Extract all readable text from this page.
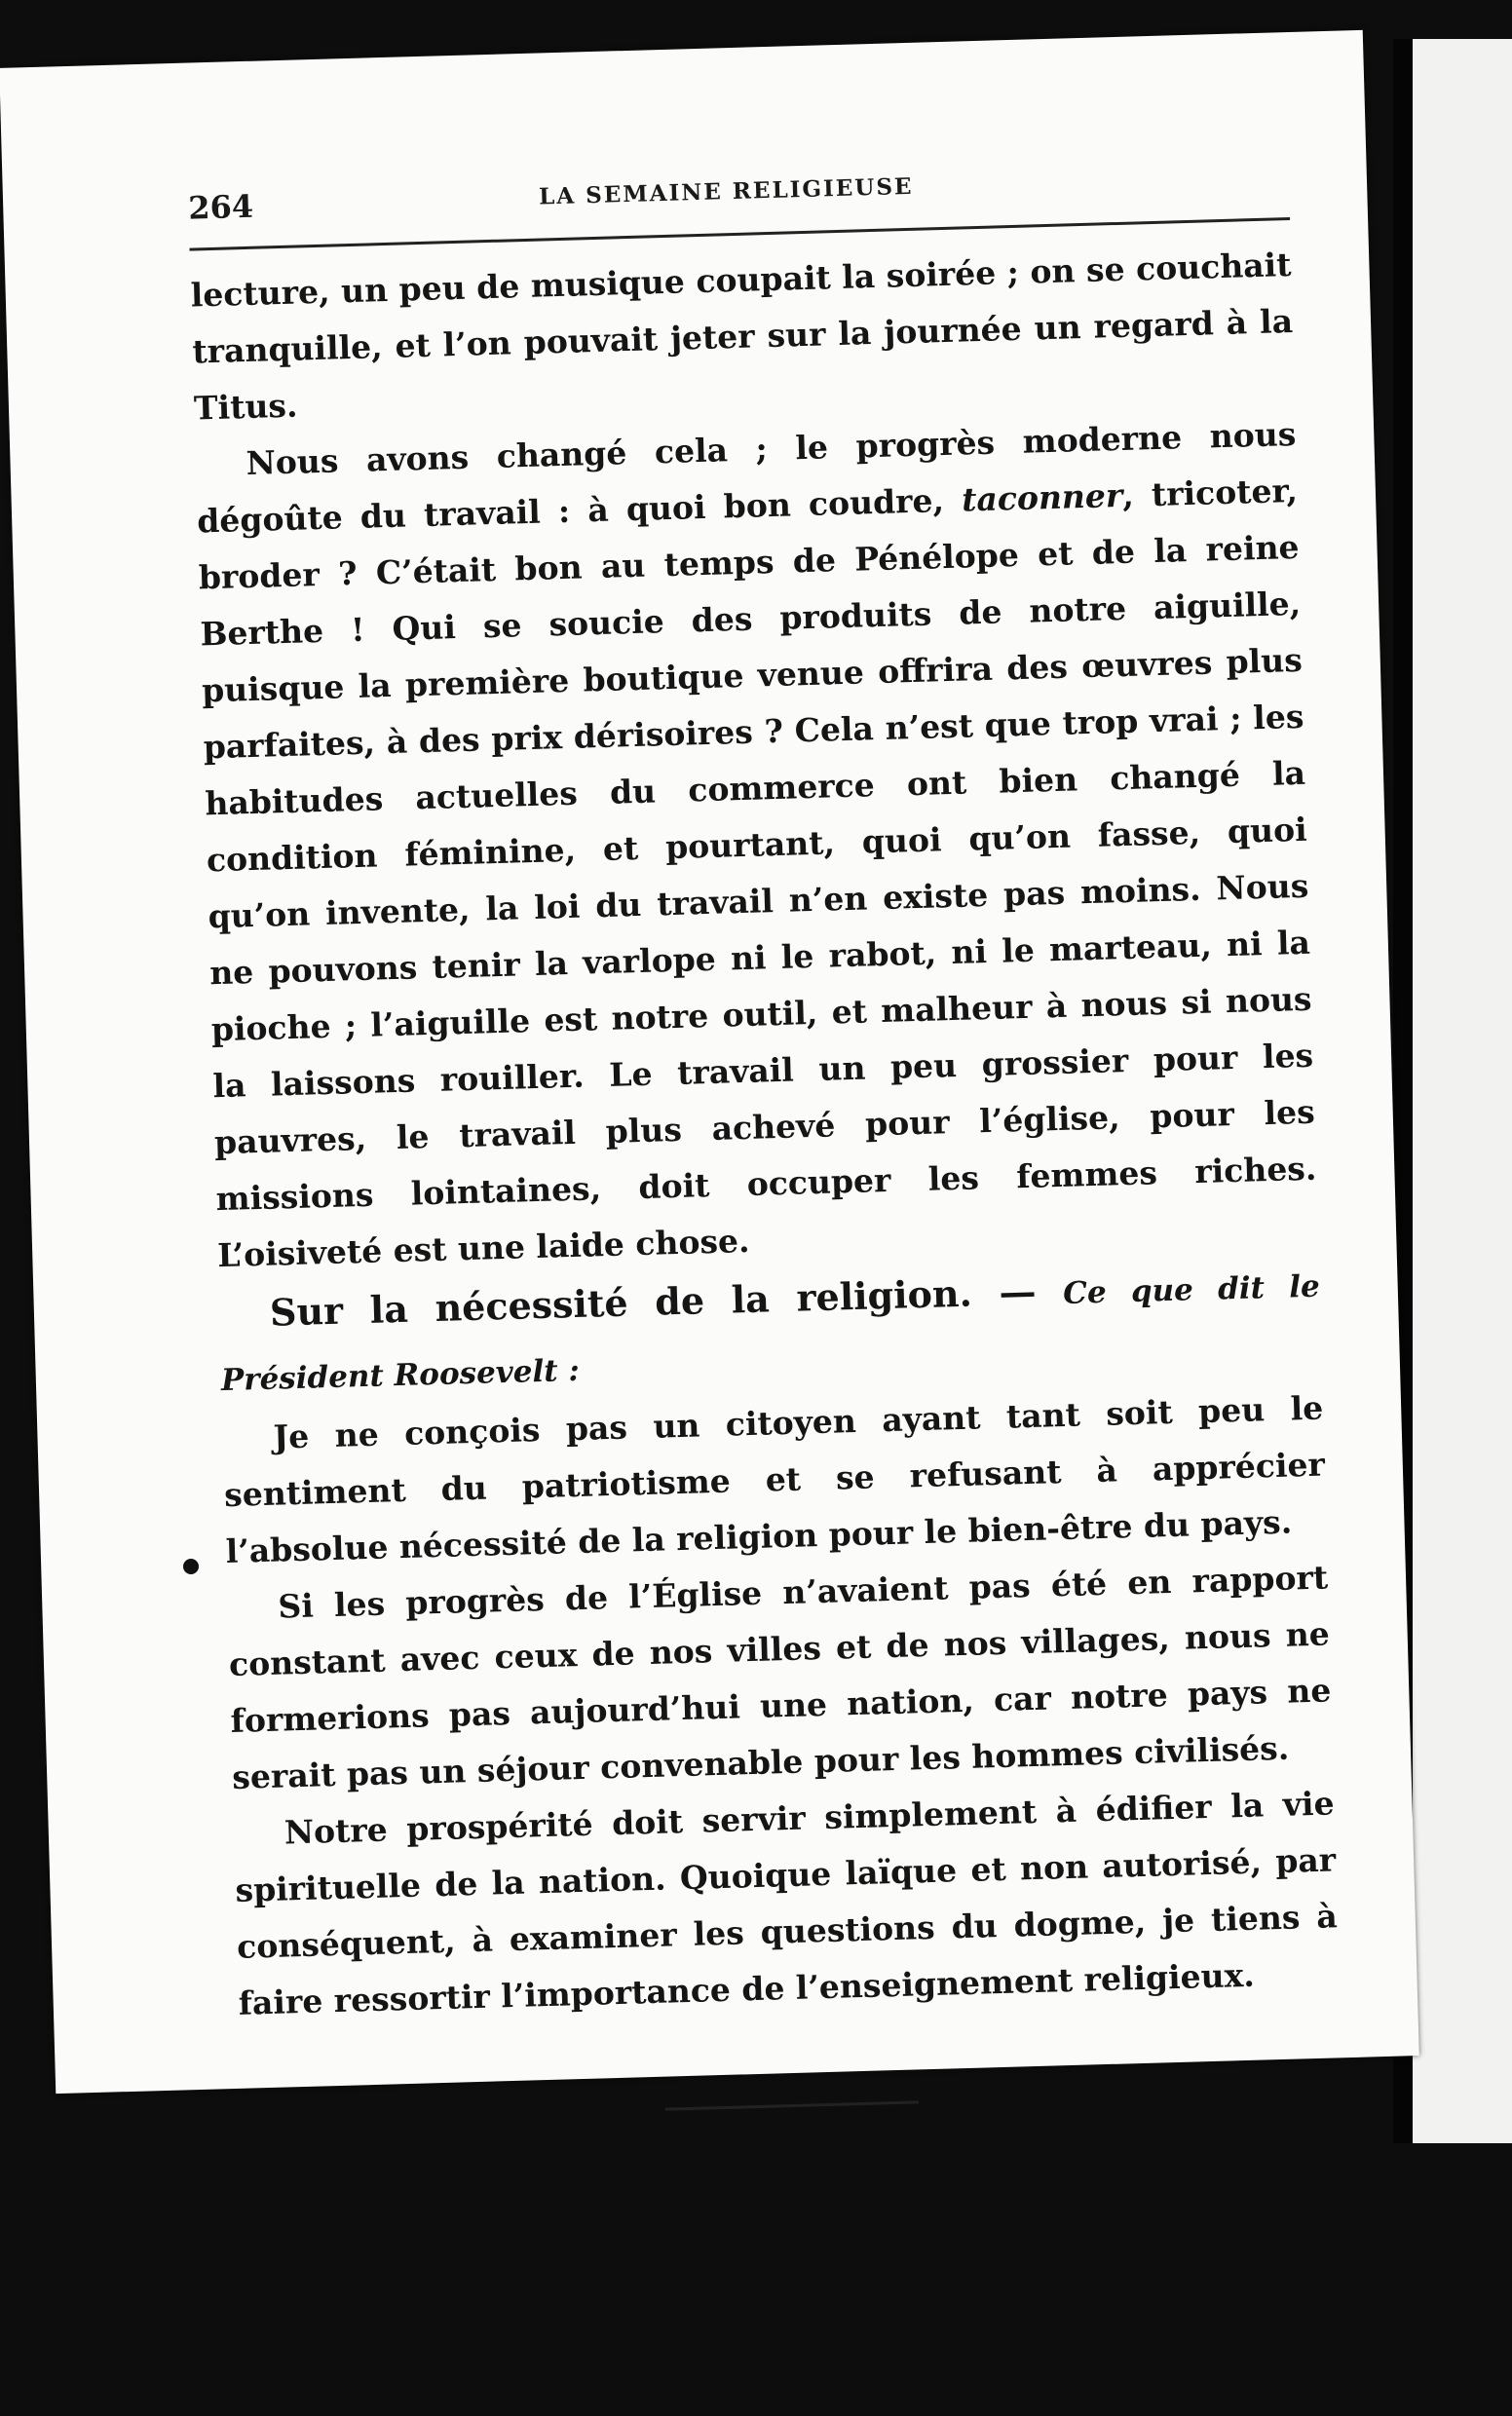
264	LA SEMAINE RELIGIEUSE

lecture, un peu de musique coupait la soirée ; on se couchait tranquille, et l’on pouvait jeter sur la journée un regard à la Titus.

Nous avons changé cela ; le progrès moderne nous dégoûte du travail : à quoi bon coudre, taconner, tricoter, broder ? C’était bon au temps de Pénélope et de la reine Berthe ! Qui se soucie des produits de notre aiguille, puisque la première boutique venue offrira des œuvres plus parfaites, à des prix dérisoires ? Cela n’est que trop vrai ; les habitudes actuelles du commerce ont bien changé la condition féminine, et pourtant, quoi qu’on fasse, quoi qu’on invente, la loi du travail n’en existe pas moins. Nous ne pouvons tenir la varlope ni le rabot, ni le marteau, ni la pioche ; l’aiguille est notre outil, et malheur à nous si nous la laissons rouiller. Le travail un peu grossier pour les pauvres, le travail plus achevé pour l’église, pour les missions lointaines, doit occuper les femmes riches. L’oisiveté est une laide chose.

Sur la nécessité de la religion. — Ce que dit le Président Roosevelt :

Je ne conçois pas un citoyen ayant tant soit peu le sentiment du patriotisme et se refusant à apprécier l’absolue nécessité de la religion pour le bien-être du pays.

Si les progrès de l’Église n’avaient pas été en rapport constant avec ceux de nos villes et de nos villages, nous ne formerions pas aujourd’hui une nation, car notre pays ne serait pas un séjour convenable pour les hommes civilisés.

Notre prospérité doit servir simplement à édifier la vie spirituelle de la nation. Quoique laïque et non autorisé, par conséquent, à examiner les questions du dogme, je tiens à faire ressortir l’importance de l’enseignement religieux.
